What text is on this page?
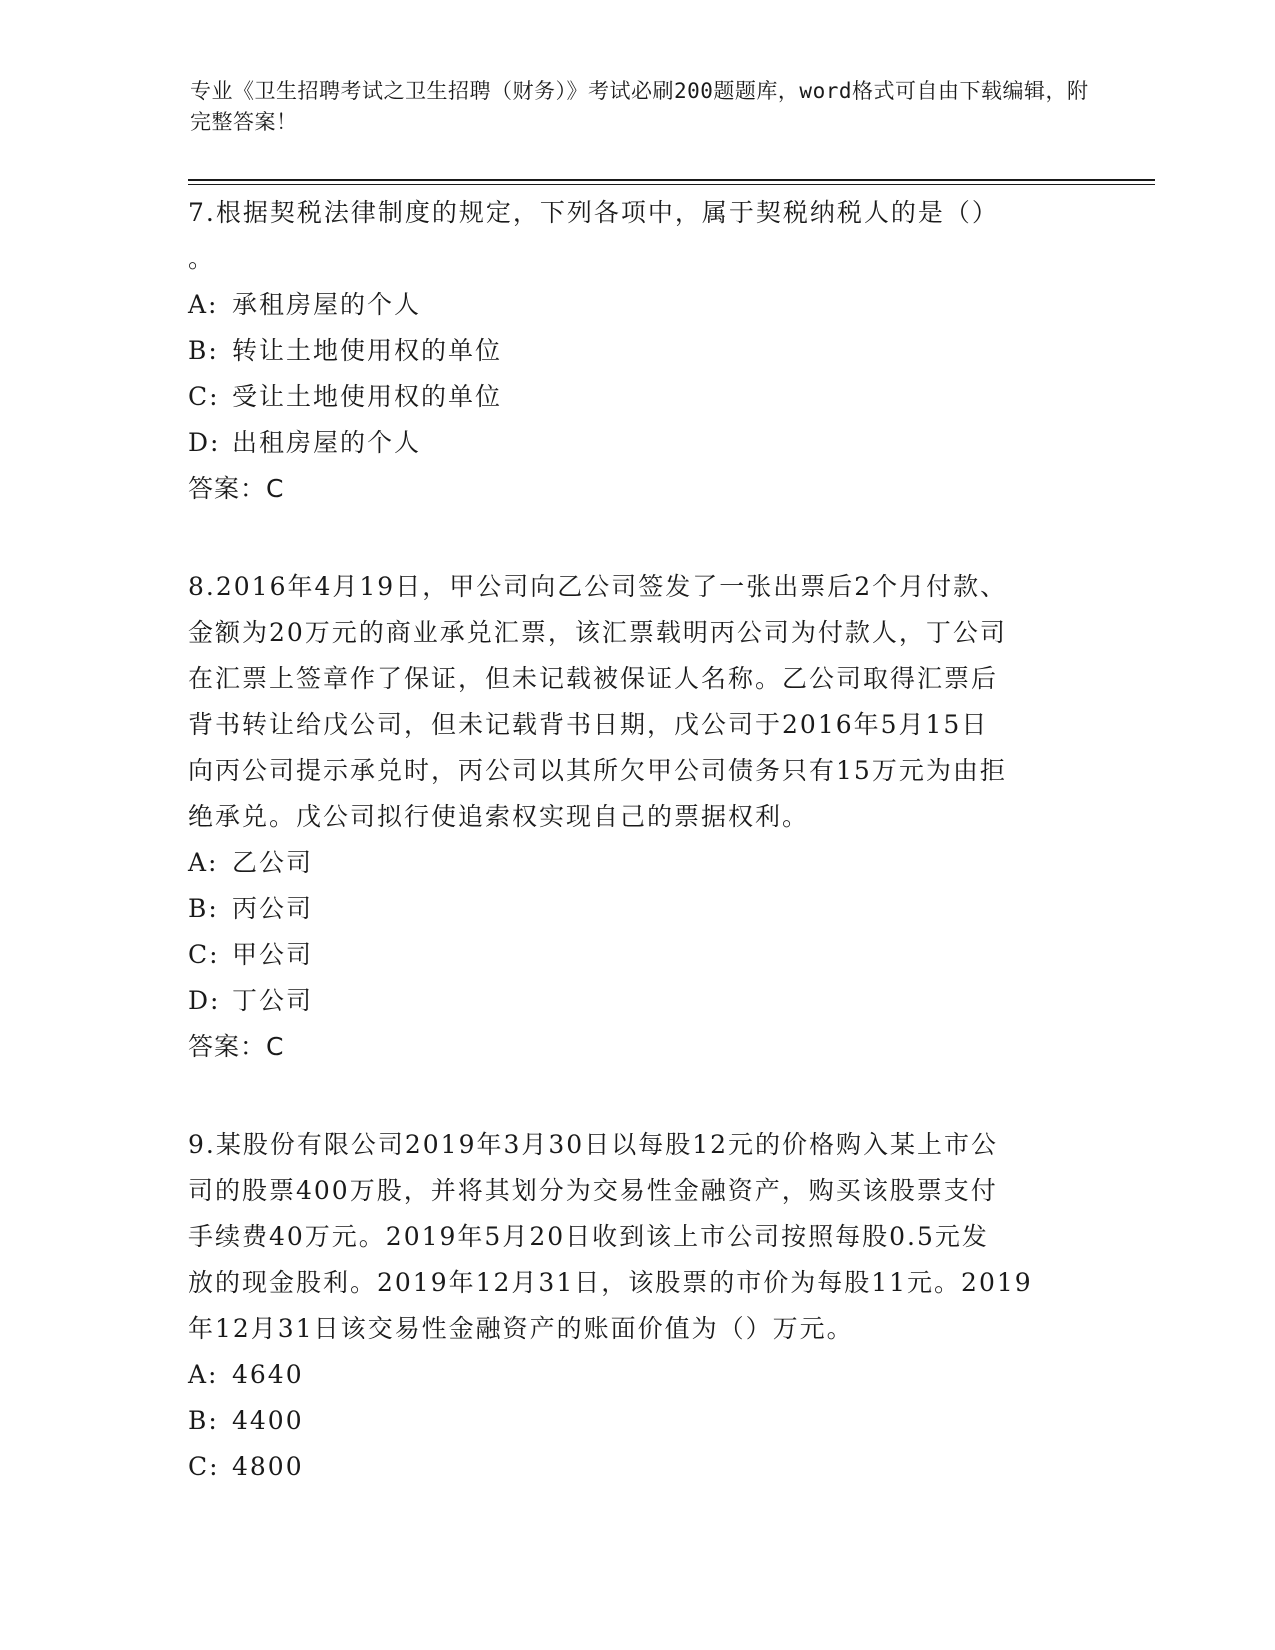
专业《卫生招聘考试之卫生招聘（财务）》考试必刷200题题库，word格式可自由下载编辑，附完整答案！
7.根据契税法律制度的规定，下列各项中，属于契税纳税人的是（）
。
A: 承租房屋的个人
B: 转让土地使用权的单位
C: 受让土地使用权的单位
D: 出租房屋的个人
答案：C
8.2016年4月19日，甲公司向乙公司签发了一张出票后2个月付款、
金额为20万元的商业承兑汇票，该汇票载明丙公司为付款人，丁公司
在汇票上签章作了保证，但未记载被保证人名称。乙公司取得汇票后
背书转让给戊公司，但未记载背书日期，戊公司于2016年5月15日
向丙公司提示承兑时，丙公司以其所欠甲公司债务只有15万元为由拒
绝承兑。戊公司拟行使追索权实现自己的票据权利。
A: 乙公司
B: 丙公司
C: 甲公司
D: 丁公司
答案：C
9.某股份有限公司2019年3月30日以每股12元的价格购入某上市公
司的股票400万股，并将其划分为交易性金融资产，购买该股票支付
手续费40万元。2019年5月20日收到该上市公司按照每股0.5元发
放的现金股利。2019年12月31日，该股票的市价为每股11元。2019
年12月31日该交易性金融资产的账面价值为（）万元。
A: 4640
B: 4400
C: 4800
